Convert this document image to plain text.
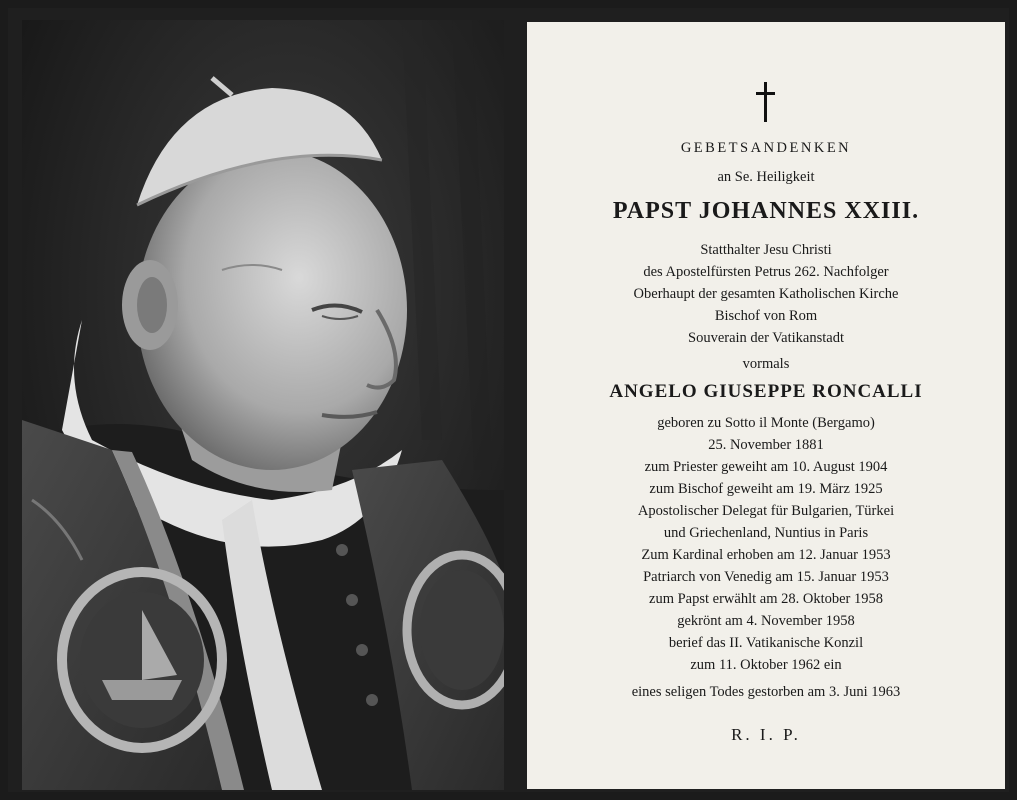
GEBETSANDENKEN
an Se. Heiligkeit
PAPST JOHANNES XXIII.
Statthalter Jesu Christi
des Apostelfürsten Petrus 262. Nachfolger
Oberhaupt der gesamten Katholischen Kirche
Bischof von Rom
Souverain der Vatikanstadt
vormals
ANGELO GIUSEPPE RONCALLI
geboren zu Sotto il Monte (Bergamo)
25. November 1881
zum Priester geweiht am 10. August 1904
zum Bischof geweiht am 19. März 1925
Apostolischer Delegat für Bulgarien, Türkei
und Griechenland, Nuntius in Paris
Zum Kardinal erhoben am 12. Januar 1953
Patriarch von Venedig am 15. Januar 1953
zum Papst erwählt am 28. Oktober 1958
gekrönt am 4. November 1958
berief das II. Vatikanische Konzil
zum 11. Oktober 1962 ein
eines seligen Todes gestorben am 3. Juni 1963
R. I. P.
